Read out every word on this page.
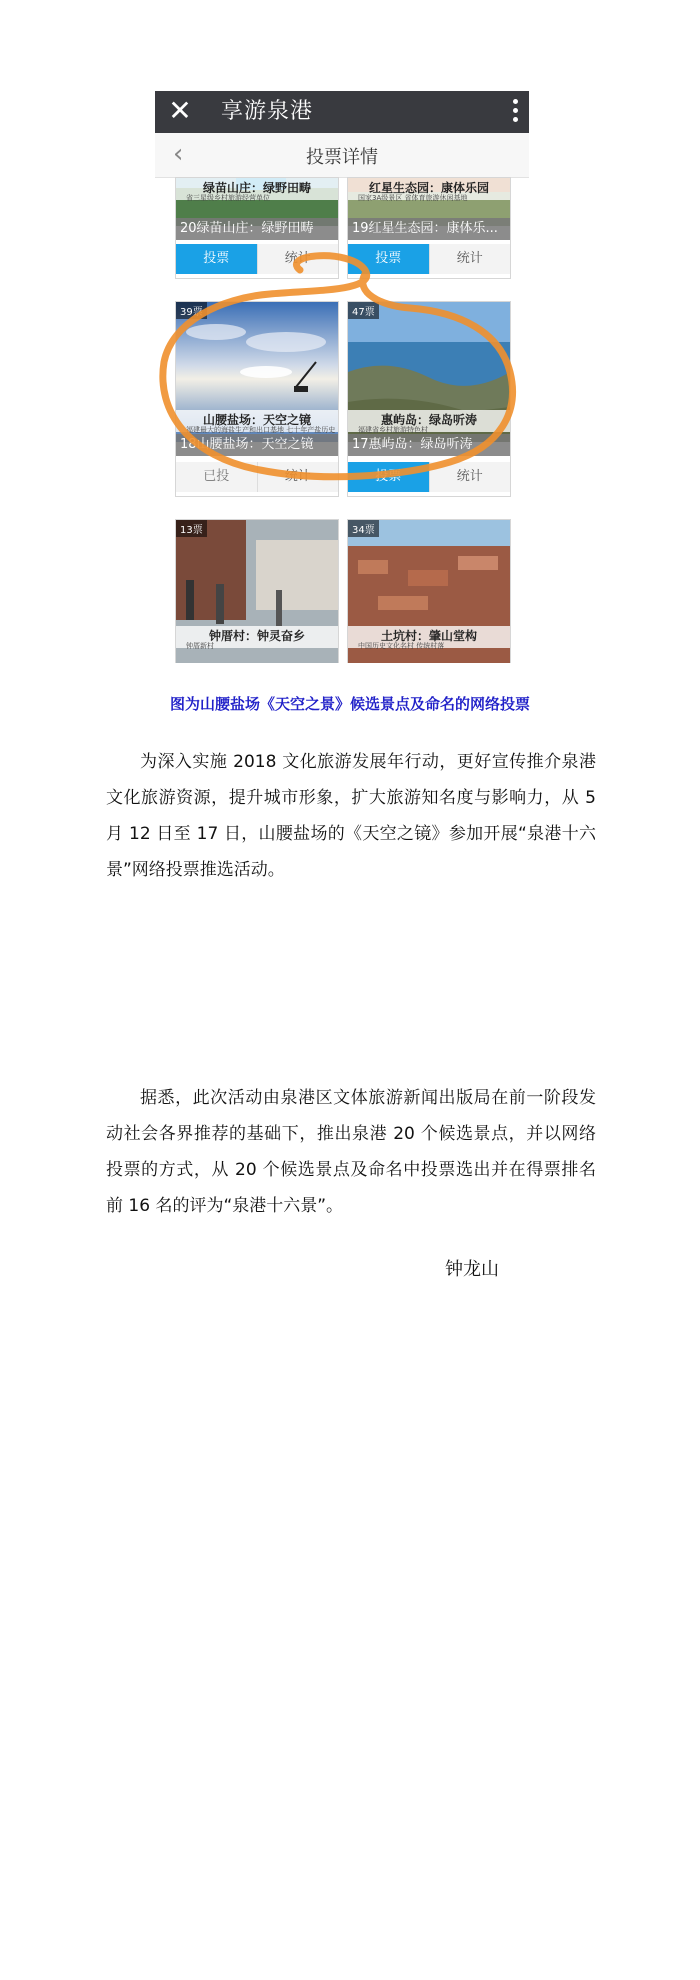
✕ 享游泉港
‹	投票详情
绿苗山庄：绿野田畴
省三星级乡村旅游经营单位
20绿苗山庄：绿野田畴
投票	统计
红星生态园：康体乐园
国家3A级景区 省体育旅游休闲基地
19红星生态园：康体乐...
投票	统计
39票
山腰盐场：天空之镜
福建最大的海盐生产和出口基地 七十年产盐历史
18山腰盐场：天空之镜
已投	统计
47票
惠屿岛：绿岛听涛
福建省乡村旅游特色村
17惠屿岛：绿岛听涛
投票	统计
13票
钟厝村：钟灵奋乡
钟厝新村
34票
土坑村：肇山堂构
中国历史文化名村 传统村落
图为山腰盐场《天空之景》候选景点及命名的网络投票
为深入实施 2018 文化旅游发展年行动，更好宣传推介泉港文化旅游资源，提升城市形象，扩大旅游知名度与影响力，从 5 月 12 日至 17 日，山腰盐场的《天空之镜》参加开展“泉港十六景”网络投票推选活动。
据悉，此次活动由泉港区文体旅游新闻出版局在前一阶段发动社会各界推荐的基础下，推出泉港 20 个候选景点，并以网络投票的方式，从 20 个候选景点及命名中投票选出并在得票排名前 16 名的评为“泉港十六景”。
钟龙山
